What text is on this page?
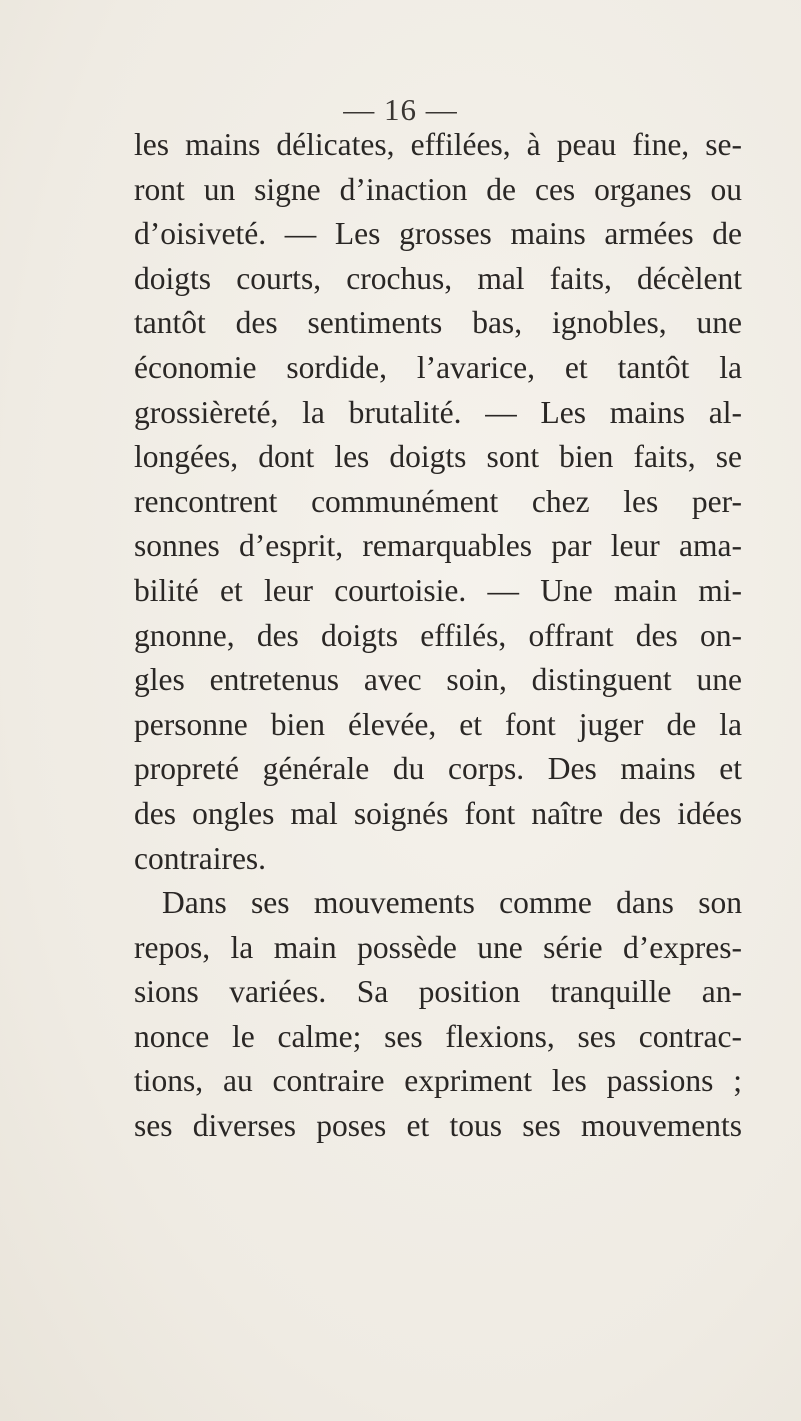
— 16 —
les mains délicates, effilées, à peau fine, se-
ront un signe d’inaction de ces organes ou
d’oisiveté. — Les grosses mains armées de
doigts courts, crochus, mal faits, décèlent
tantôt des sentiments bas, ignobles, une
économie sordide, l’avarice, et tantôt la
grossièreté, la brutalité. — Les mains al-
longées, dont les doigts sont bien faits, se
rencontrent communément chez les per-
sonnes d’esprit, remarquables par leur ama-
bilité et leur courtoisie. — Une main mi-
gnonne, des doigts effilés, offrant des on-
gles entretenus avec soin, distinguent une
personne bien élevée, et font juger de la
propreté générale du corps. Des mains et
des ongles mal soignés font naître des idées
contraires.
Dans ses mouvements comme dans son
repos, la main possède une série d’expres-
sions variées. Sa position tranquille an-
nonce le calme; ses flexions, ses contrac-
tions, au contraire expriment les passions ;
ses diverses poses et tous ses mouvements
